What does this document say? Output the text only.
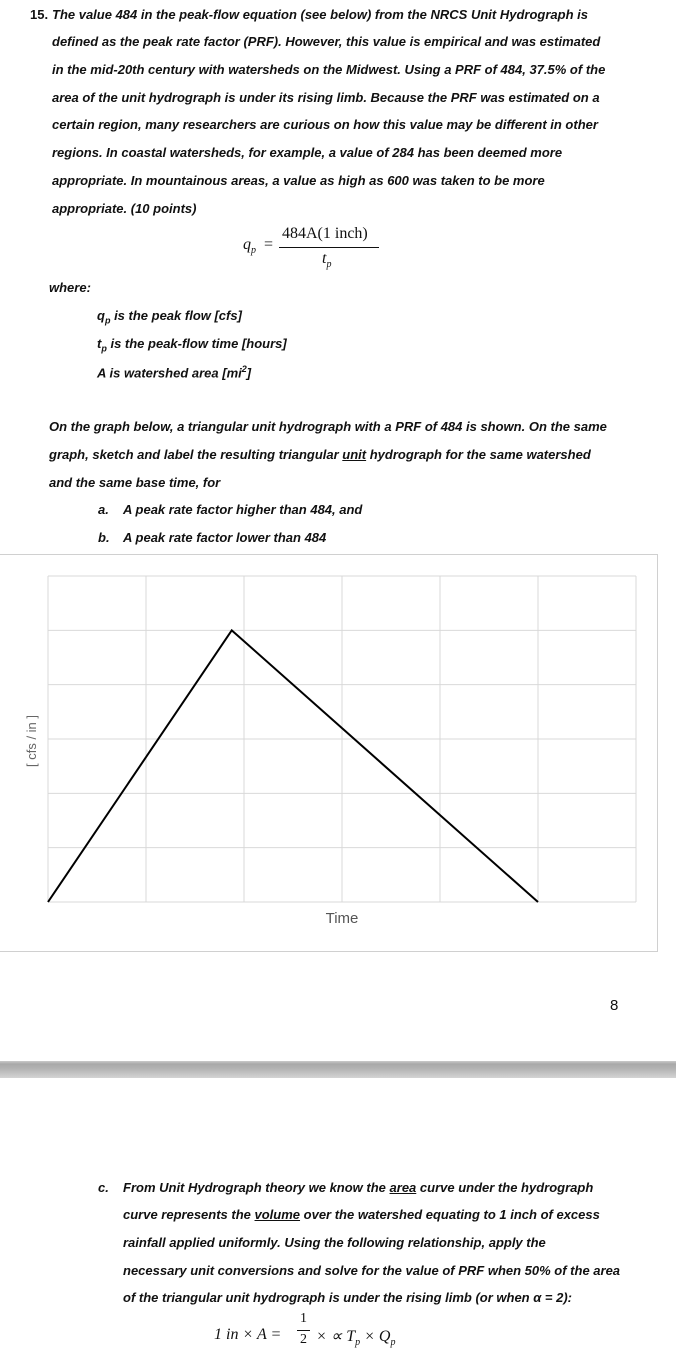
15. The value 484 in the peak-flow equation (see below) from the NRCS Unit Hydrograph is
defined as the peak rate factor (PRF). However, this value is empirical and was estimated
in the mid-20th century with watersheds on the Midwest. Using a PRF of 484, 37.5% of the
area of the unit hydrograph is under its rising limb. Because the PRF was estimated on a
certain region, many researchers are curious on how this value may be different in other
regions. In coastal watersheds, for example, a value of 284 has been deemed more
appropriate. In mountainous areas, a value as high as 600 was taken to be more
appropriate. (10 points)
$q_p$ =
484A(1 inch)
$t_p$
where:
$q_p$ is the peak flow [cfs]
$t_p$ is the peak-flow time [hours]
A is watershed area $[mi^2]$
On the graph below, a triangular unit hydrograph with a PRF of 484 is shown. On the same
graph, sketch and label the resulting triangular unit hydrograph for the same watershed
and the same base time, for
a. A peak rate factor higher than 484, and
b. A peak rate factor lower than 484
[ cfs / in ]
Time
8
c. From Unit Hydrograph theory we know the area curve under the hydrograph
curve represents the volume over the watershed equating to 1 inch of excess
rainfall applied uniformly. Using the following relationship, apply the
necessary unit conversions and solve for the value of PRF when 50% of the area
of the triangular unit hydrograph is under the rising limb (or when α = 2):
1 in × A =
1
2 × ∝ $T_p \times Q_p$
